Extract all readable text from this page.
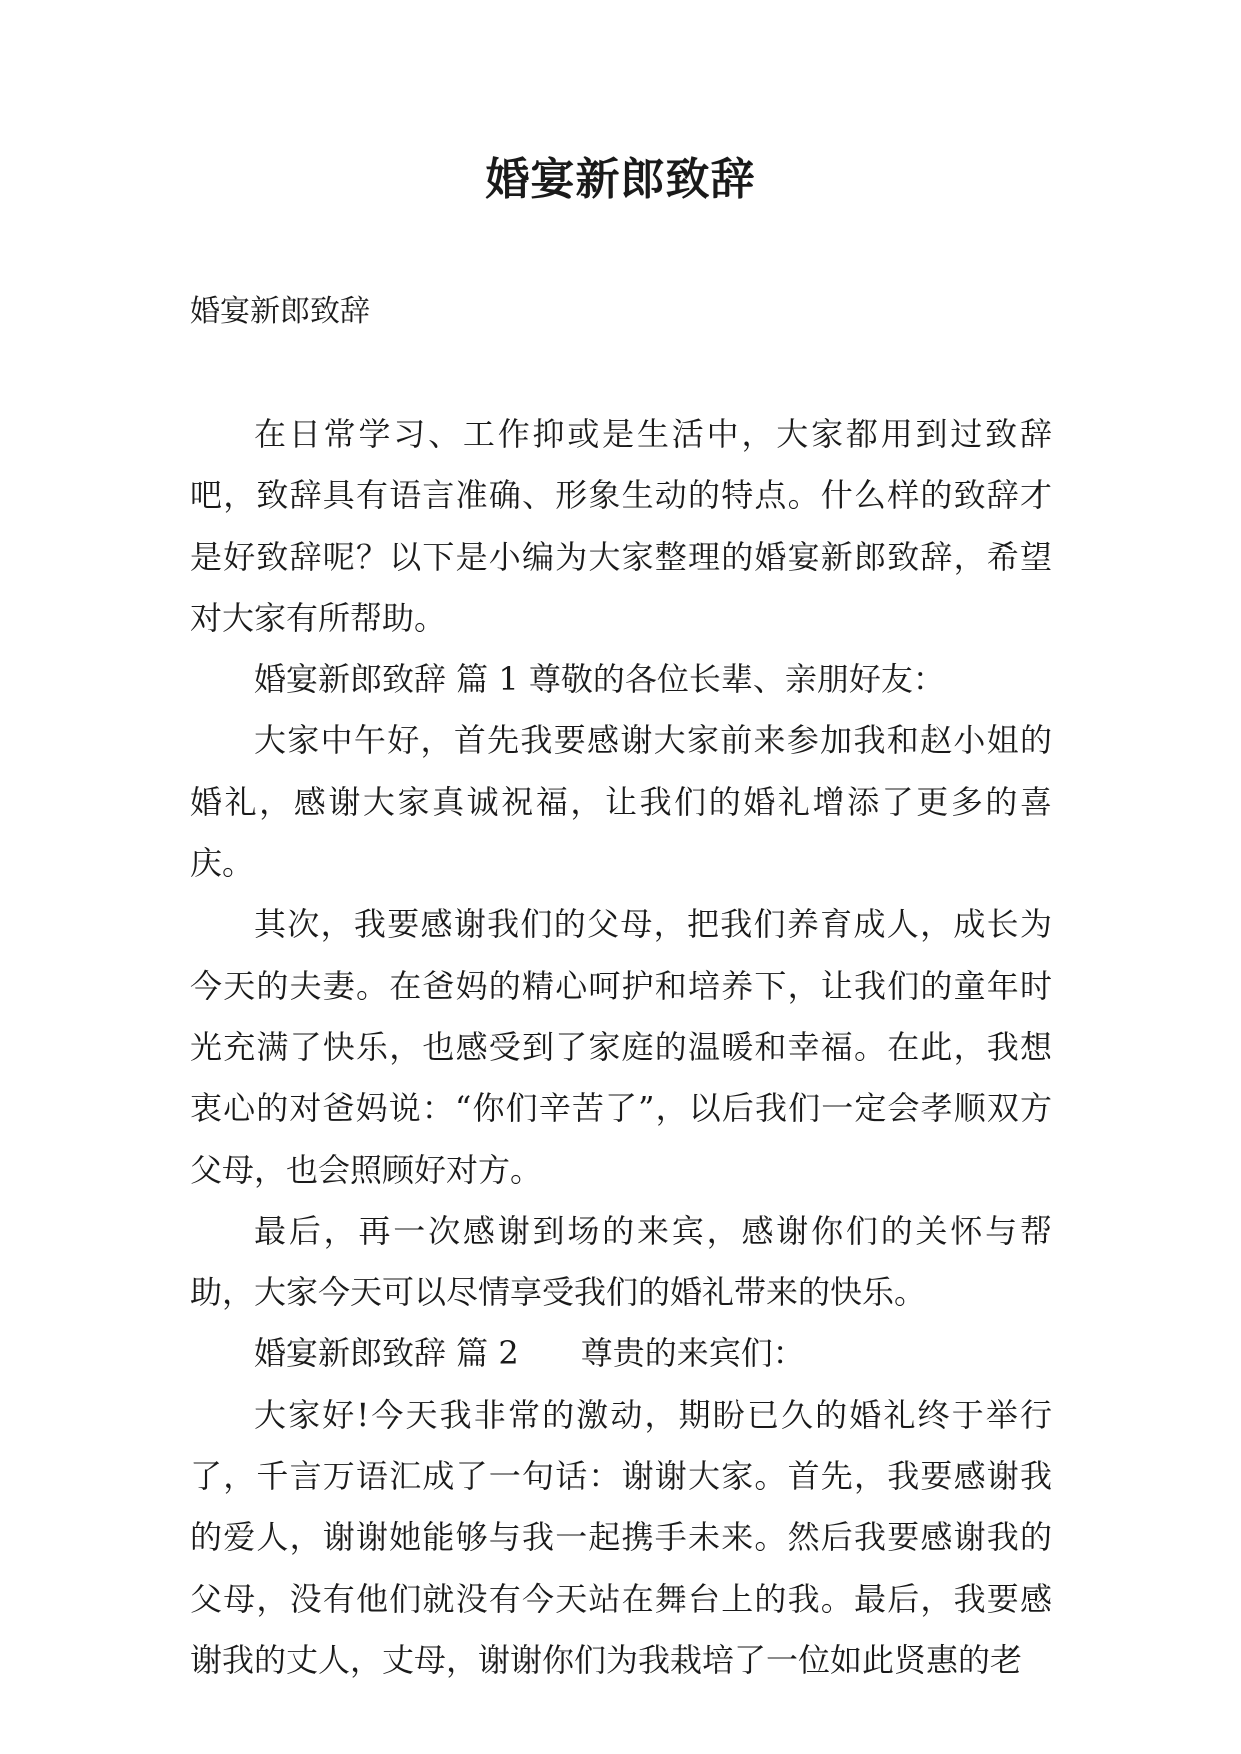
婚宴新郎致辞
婚宴新郎致辞

在日常学习、工作抑或是生活中，大家都用到过致辞吧，致辞具有语言准确、形象生动的特点。什么样的致辞才是好致辞呢？以下是小编为大家整理的婚宴新郎致辞，希望对大家有所帮助。

婚宴新郎致辞 篇 1 尊敬的各位长辈、亲朋好友：

大家中午好，首先我要感谢大家前来参加我和赵小姐的婚礼，感谢大家真诚祝福，让我们的婚礼增添了更多的喜庆。

其次，我要感谢我们的父母，把我们养育成人，成长为今天的夫妻。在爸妈的精心呵护和培养下，让我们的童年时光充满了快乐，也感受到了家庭的温暖和幸福。在此，我想衷心的对爸妈说：“你们辛苦了”，以后我们一定会孝顺双方父母，也会照顾好对方。

最后，再一次感谢到场的来宾，感谢你们的关怀与帮助，大家今天可以尽情享受我们的婚礼带来的快乐。

婚宴新郎致辞 篇 2 尊贵的来宾们：

大家好!今天我非常的激动，期盼已久的婚礼终于举行了，千言万语汇成了一句话：谢谢大家。首先，我要感谢我的爱人，谢谢她能够与我一起携手未来。然后我要感谢我的父母，没有他们就没有今天站在舞台上的我。最后，我要感谢我的丈人，丈母，谢谢你们为我栽培了一位如此贤惠的老
